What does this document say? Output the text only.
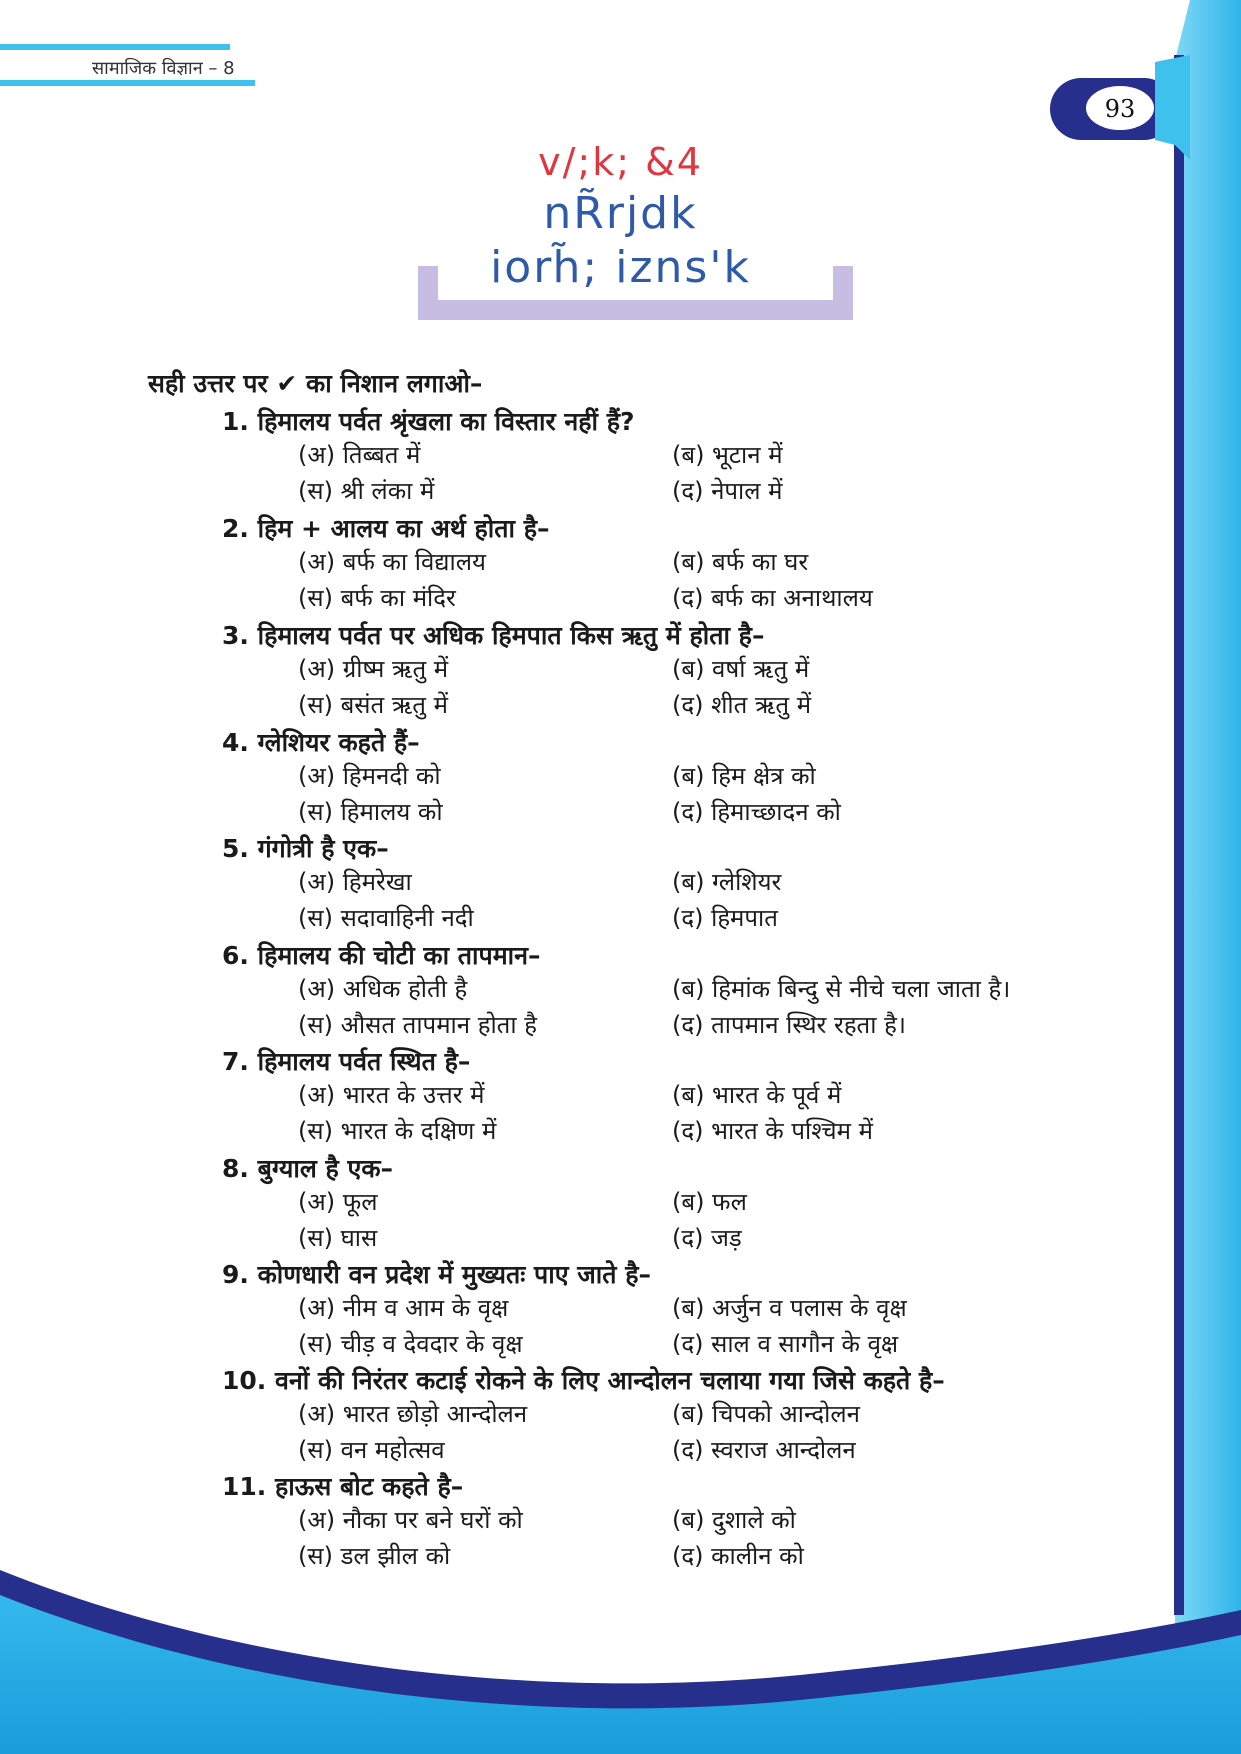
सामाजिक विज्ञान – 8
93
v/;k; &4
nR̃rjdk
iorh̃; izns'k
सही उत्तर पर ✔ का निशान लगाओ–
1. हिमालय पर्वत श्रृंखला का विस्तार नहीं हैं?
(अ) तिब्बत में	(ब) भूटान में
(स) श्री लंका में	(द) नेपाल में
2. हिम + आलय का अर्थ होता है–
(अ) बर्फ का विद्यालय	(ब) बर्फ का घर
(स) बर्फ का मंदिर	(द) बर्फ का अनाथालय
3. हिमालय पर्वत पर अधिक हिमपात किस ऋतु में होता है–
(अ) ग्रीष्म ऋतु में	(ब) वर्षा ऋतु में
(स) बसंत ऋतु में	(द) शीत ऋतु में
4. ग्लेशियर कहते हैं–
(अ) हिमनदी को	(ब) हिम क्षेत्र को
(स) हिमालय को	(द) हिमाच्छादन को
5. गंगोत्री है एक–
(अ) हिमरेखा	(ब) ग्लेशियर
(स) सदावाहिनी नदी	(द) हिमपात
6. हिमालय की चोटी का तापमान–
(अ) अधिक होती है	(ब) हिमांक बिन्दु से नीचे चला जाता है।
(स) औसत तापमान होता है	(द) तापमान स्थिर रहता है।
7. हिमालय पर्वत स्थित है–
(अ) भारत के उत्तर में	(ब) भारत के पूर्व में
(स) भारत के दक्षिण में	(द) भारत के पश्चिम में
8. बुग्याल है एक–
(अ) फूल	(ब) फल
(स) घास	(द) जड़
9. कोणधारी वन प्रदेश में मुख्यतः पाए जाते है–
(अ) नीम व आम के वृक्ष	(ब) अर्जुन व पलास के वृक्ष
(स) चीड़ व देवदार के वृक्ष	(द) साल व सागौन के वृक्ष
10. वनों की निरंतर कटाई रोकने के लिए आन्दोलन चलाया गया जिसे कहते है–
(अ) भारत छोड़ो आन्दोलन	(ब) चिपको आन्दोलन
(स) वन महोत्सव	(द) स्वराज आन्दोलन
11. हाऊस बोट कहते है–
(अ) नौका पर बने घरों को	(ब) दुशाले को
(स) डल झील को	(द) कालीन को
